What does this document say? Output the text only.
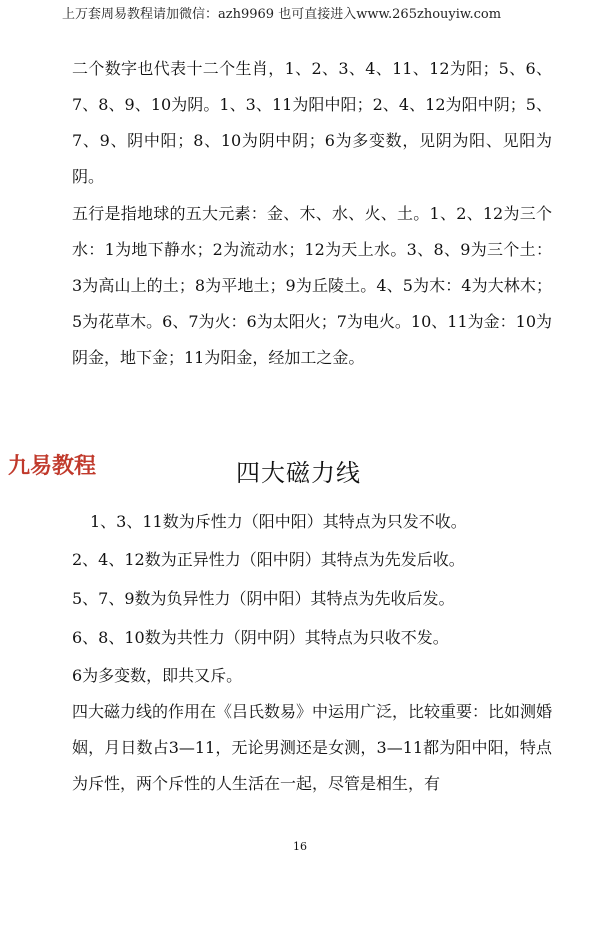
上万套周易教程请加微信：azh9969 也可直接进入www.265zhouyiw.com

二个数字也代表十二个生肖，1、2、3、4、11、12为阳；5、6、7、8、9、10为阴。1、3、11为阳中阳；2、4、12为阳中阴；5、7、9、阴中阳；8、10为阴中阴；6为多变数，见阴为阳、见阳为阴。

五行是指地球的五大元素：金、木、水、火、土。1、2、12为三个水：1为地下静水；2为流动水；12为天上水。3、8、9为三个土：3为高山上的土；8为平地土；9为丘陵土。4、5为木：4为大林木；5为花草木。6、7为火：6为太阳火；7为电火。10、11为金：10为阴金，地下金；11为阳金，经加工之金。

九易教程	四大磁力线
1、3、11数为斥性力（阳中阳）其特点为只发不收。
2、4、12数为正异性力（阳中阴）其特点为先发后收。
5、7、9数为负异性力（阴中阳）其特点为先收后发。
6、8、10数为共性力（阴中阴）其特点为只收不发。
6为多变数，即共又斥。

四大磁力线的作用在《吕氏数易》中运用广泛，比较重要：比如测婚姻，月日数占3—11，无论男测还是女测，3—11都为阳中阳，特点为斥性，两个斥性的人生活在一起，尽管是相生，有

16
